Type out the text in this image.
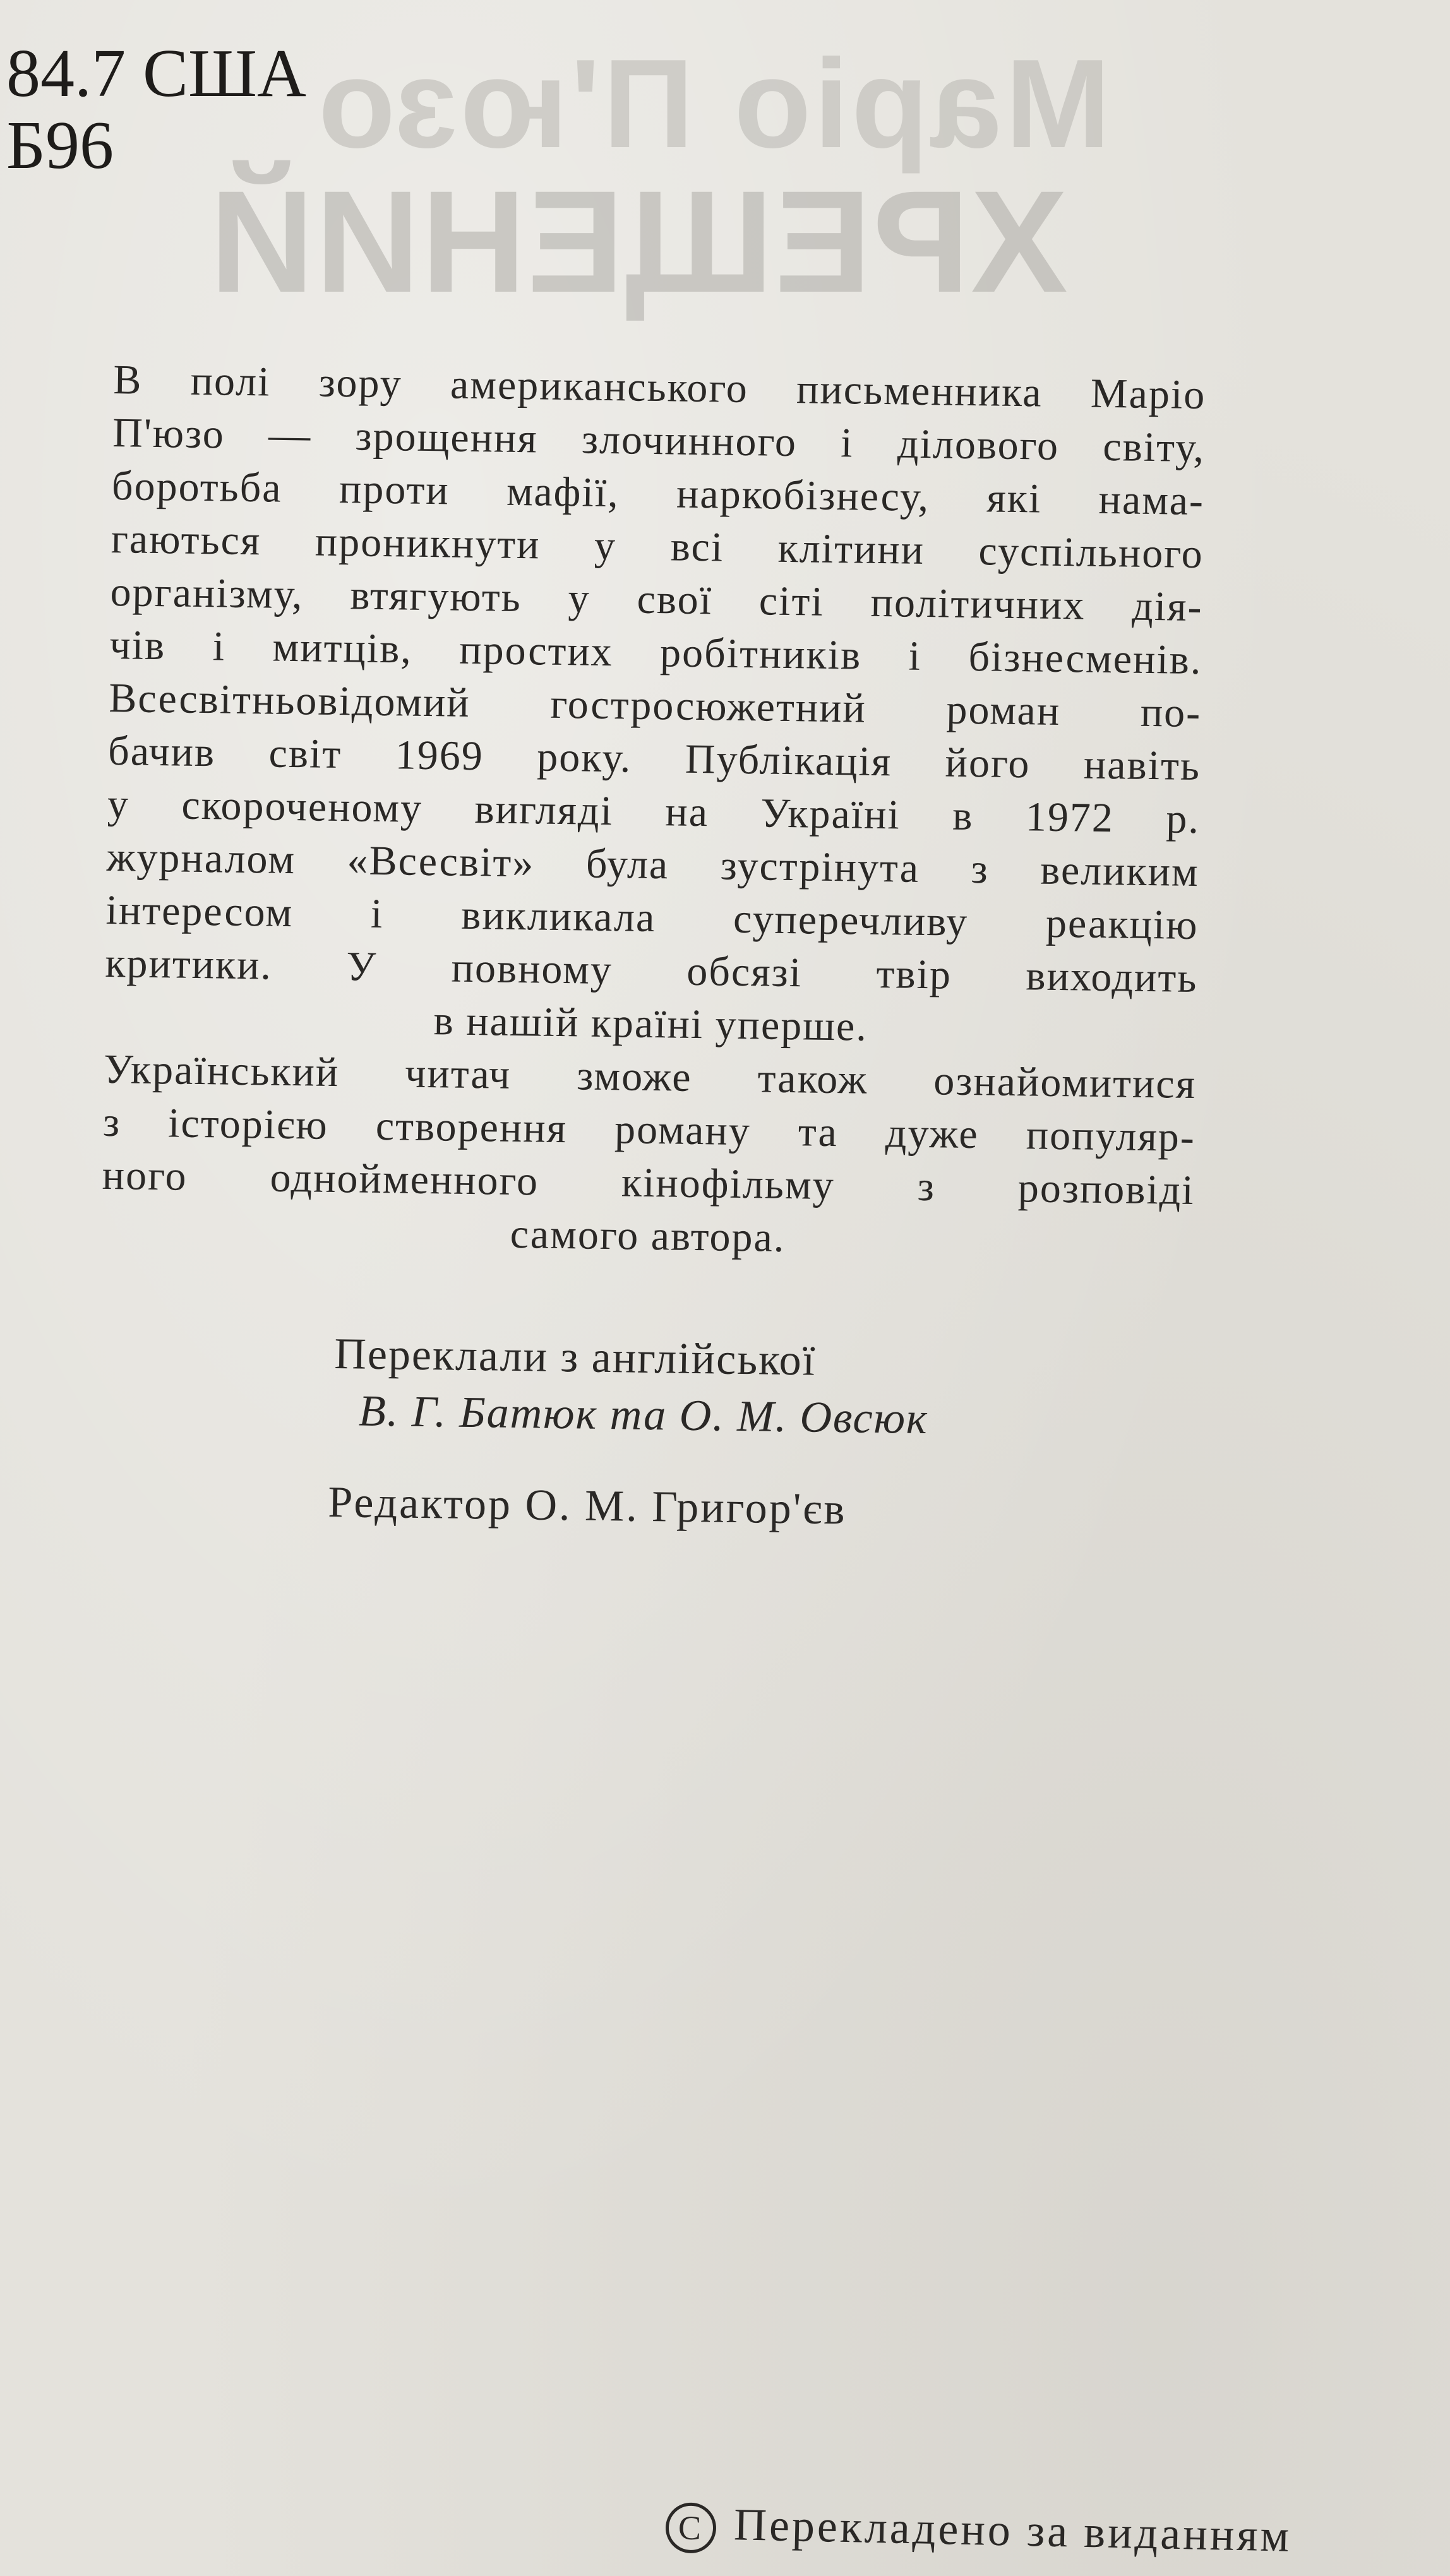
Маріо П'юзо
ХРЕЩЕНИЙ
84.7 США
Б96
В полі зору американського письменника Маріо
П'юзо — зрощення злочинного і ділового світу,
боротьба проти мафії, наркобізнесу, які нама-
гаються проникнути у всі клітини суспільного
організму, втягують у свої сіті політичних дія-
чів і митців, простих робітників і бізнесменів.
Всесвітньовідомий гостросюжетний роман по-
бачив світ 1969 року. Публікація його навіть
у скороченому вигляді на Україні в 1972 р.
журналом «Всесвіт» була зустрінута з великим
інтересом і викликала суперечливу реакцію
критики. У повному обсязі твір виходить
в нашій країні уперше.
Український читач зможе також ознайомитися
з історією створення роману та дуже популяр-
ного однойменного кінофільму з розповіді
самого автора.
Переклали з англійської
В. Г. Батюк та О. М. Овсюк
Редактор О. М. Григор'єв
C Перекладено за виданням
